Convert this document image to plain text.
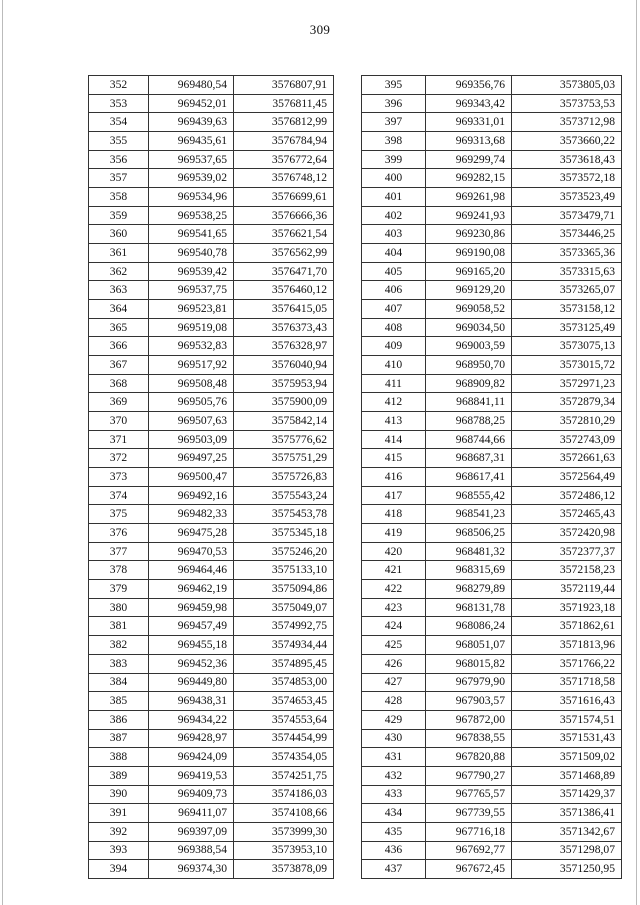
309
352	969480,54	3576807,91
353	969452,01	3576811,45
354	969439,63	3576812,99
355	969435,61	3576784,94
356	969537,65	3576772,64
357	969539,02	3576748,12
358	969534,96	3576699,61
359	969538,25	3576666,36
360	969541,65	3576621,54
361	969540,78	3576562,99
362	969539,42	3576471,70
363	969537,75	3576460,12
364	969523,81	3576415,05
365	969519,08	3576373,43
366	969532,83	3576328,97
367	969517,92	3576040,94
368	969508,48	3575953,94
369	969505,76	3575900,09
370	969507,63	3575842,14
371	969503,09	3575776,62
372	969497,25	3575751,29
373	969500,47	3575726,83
374	969492,16	3575543,24
375	969482,33	3575453,78
376	969475,28	3575345,18
377	969470,53	3575246,20
378	969464,46	3575133,10
379	969462,19	3575094,86
380	969459,98	3575049,07
381	969457,49	3574992,75
382	969455,18	3574934,44
383	969452,36	3574895,45
384	969449,80	3574853,00
385	969438,31	3574653,45
386	969434,22	3574553,64
387	969428,97	3574454,99
388	969424,09	3574354,05
389	969419,53	3574251,75
390	969409,73	3574186,03
391	969411,07	3574108,66
392	969397,09	3573999,30
393	969388,54	3573953,10
394	969374,30	3573878,09
395	969356,76	3573805,03
396	969343,42	3573753,53
397	969331,01	3573712,98
398	969313,68	3573660,22
399	969299,74	3573618,43
400	969282,15	3573572,18
401	969261,98	3573523,49
402	969241,93	3573479,71
403	969230,86	3573446,25
404	969190,08	3573365,36
405	969165,20	3573315,63
406	969129,20	3573265,07
407	969058,52	3573158,12
408	969034,50	3573125,49
409	969003,59	3573075,13
410	968950,70	3573015,72
411	968909,82	3572971,23
412	968841,11	3572879,34
413	968788,25	3572810,29
414	968744,66	3572743,09
415	968687,31	3572661,63
416	968617,41	3572564,49
417	968555,42	3572486,12
418	968541,23	3572465,43
419	968506,25	3572420,98
420	968481,32	3572377,37
421	968315,69	3572158,23
422	968279,89	3572119,44
423	968131,78	3571923,18
424	968086,24	3571862,61
425	968051,07	3571813,96
426	968015,82	3571766,22
427	967979,90	3571718,58
428	967903,57	3571616,43
429	967872,00	3571574,51
430	967838,55	3571531,43
431	967820,88	3571509,02
432	967790,27	3571468,89
433	967765,57	3571429,37
434	967739,55	3571386,41
435	967716,18	3571342,67
436	967692,77	3571298,07
437	967672,45	3571250,95
